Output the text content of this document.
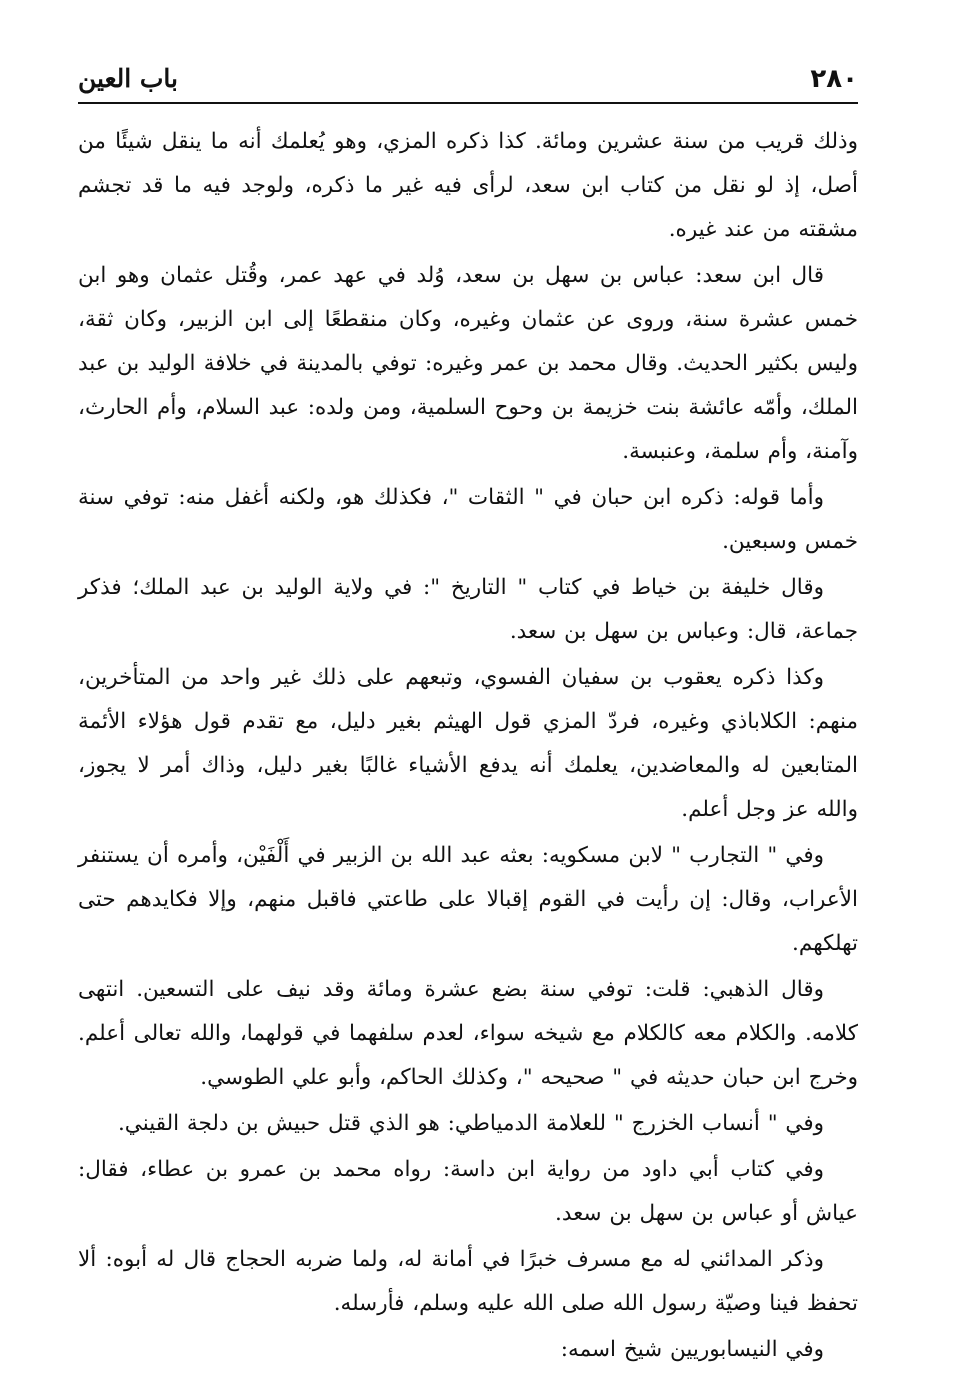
٢٨٠
باب العين

وذلك قريب من سنة عشرين ومائة. كذا ذكره المزي، وهو يُعلمك أنه ما ينقل شيئًا من أصل، إذ لو نقل من كتاب ابن سعد، لرأى فيه غير ما ذكره، ولوجد فيه ما قد تجشم مشقته من عند غيره.

قال ابن سعد: عباس بن سهل بن سعد، وُلد في عهد عمر، وقُتل عثمان وهو ابن خمس عشرة سنة، وروى عن عثمان وغيره، وكان منقطعًا إلى ابن الزبير، وكان ثقة، وليس بكثير الحديث. وقال محمد بن عمر وغيره: توفي بالمدينة في خلافة الوليد بن عبد الملك، وأمّه عائشة بنت خزيمة بن وحوح السلمية، ومن ولده: عبد السلام، وأم الحارث، وآمنة، وأم سلمة، وعنبسة.

وأما قوله: ذكره ابن حبان في " الثقات "، فكذلك هو، ولكنه أغفل منه: توفي سنة خمس وسبعين.

وقال خليفة بن خياط في كتاب " التاريخ ": في ولاية الوليد بن عبد الملك؛ فذكر جماعة، قال: وعباس بن سهل بن سعد.

وكذا ذكره يعقوب بن سفيان الفسوي، وتبعهم على ذلك غير واحد من المتأخرين، منهم: الكلاباذي وغيره، فردّ المزي قول الهيثم بغير دليل، مع تقدم قول هؤلاء الأئمة المتابعين له والمعاضدين، يعلمك أنه يدفع الأشياء غالبًا بغير دليل، وذاك أمر لا يجوز، والله عز وجل أعلم.

وفي " التجارب " لابن مسكويه: بعثه عبد الله بن الزبير في أَلْفَيْن، وأمره أن يستنفر الأعراب، وقال: إن رأيت في القوم إقبالا على طاعتي فاقبل منهم، وإلا فكايدهم حتى تهلكهم.

وقال الذهبي: قلت: توفي سنة بضع عشرة ومائة وقد نيف على التسعين. انتهى كلامه. والكلام معه كالكلام مع شيخه سواء، لعدم سلفهما في قولهما، والله تعالى أعلم. وخرج ابن حبان حديثه في " صحيحه "، وكذلك الحاكم، وأبو علي الطوسي.

وفي " أنساب الخزرج " للعلامة الدمياطي: هو الذي قتل حبيش بن دلجة القيني.

وفي كتاب أبي داود من رواية ابن داسة: رواه محمد بن عمرو بن عطاء، فقال: عياش أو عباس بن سهل بن سعد.

وذكر المدائني له مع مسرف خبرًا في أمانة له، ولما ضربه الحجاج قال له أبوه: ألا تحفظ فينا وصيّة رسول الله صلى الله عليه وسلم، فأرسله.

وفي النيسابوريين شيخ اسمه:
